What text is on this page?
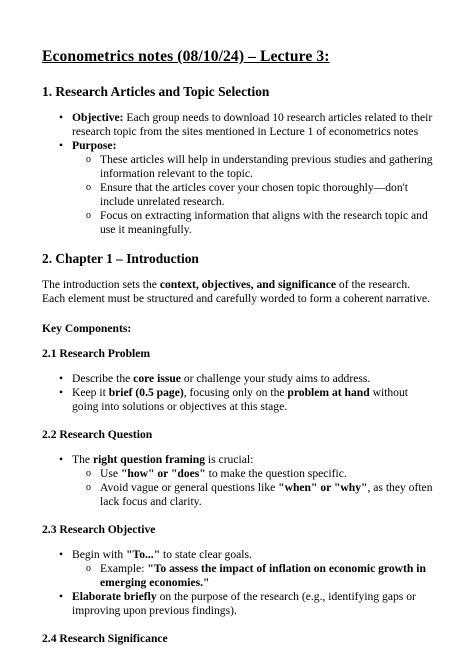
Econometrics notes (08/10/24) – Lecture 3:
1. Research Articles and Topic Selection
• Objective: Each group needs to download 10 research articles related to their research topic from the sites mentioned in Lecture 1 of econometrics notes
• Purpose:
o These articles will help in understanding previous studies and gathering information relevant to the topic.
o Ensure that the articles cover your chosen topic thoroughly—don't include unrelated research.
o Focus on extracting information that aligns with the research topic and use it meaningfully.
2. Chapter 1 – Introduction

The introduction sets the context, objectives, and significance of the research. Each element must be structured and carefully worded to form a coherent narrative.

Key Components:
2.1 Research Problem
• Describe the core issue or challenge your study aims to address.
• Keep it brief (0.5 page), focusing only on the problem at hand without going into solutions or objectives at this stage.
2.2 Research Question
• The right question framing is crucial:
o Use "how" or "does" to make the question specific.
o Avoid vague or general questions like "when" or "why", as they often lack focus and clarity.
2.3 Research Objective
• Begin with "To..." to state clear goals.
o Example: "To assess the impact of inflation on economic growth in emerging economies."
• Elaborate briefly on the purpose of the research (e.g., identifying gaps or improving upon previous findings).
2.4 Research Significance
